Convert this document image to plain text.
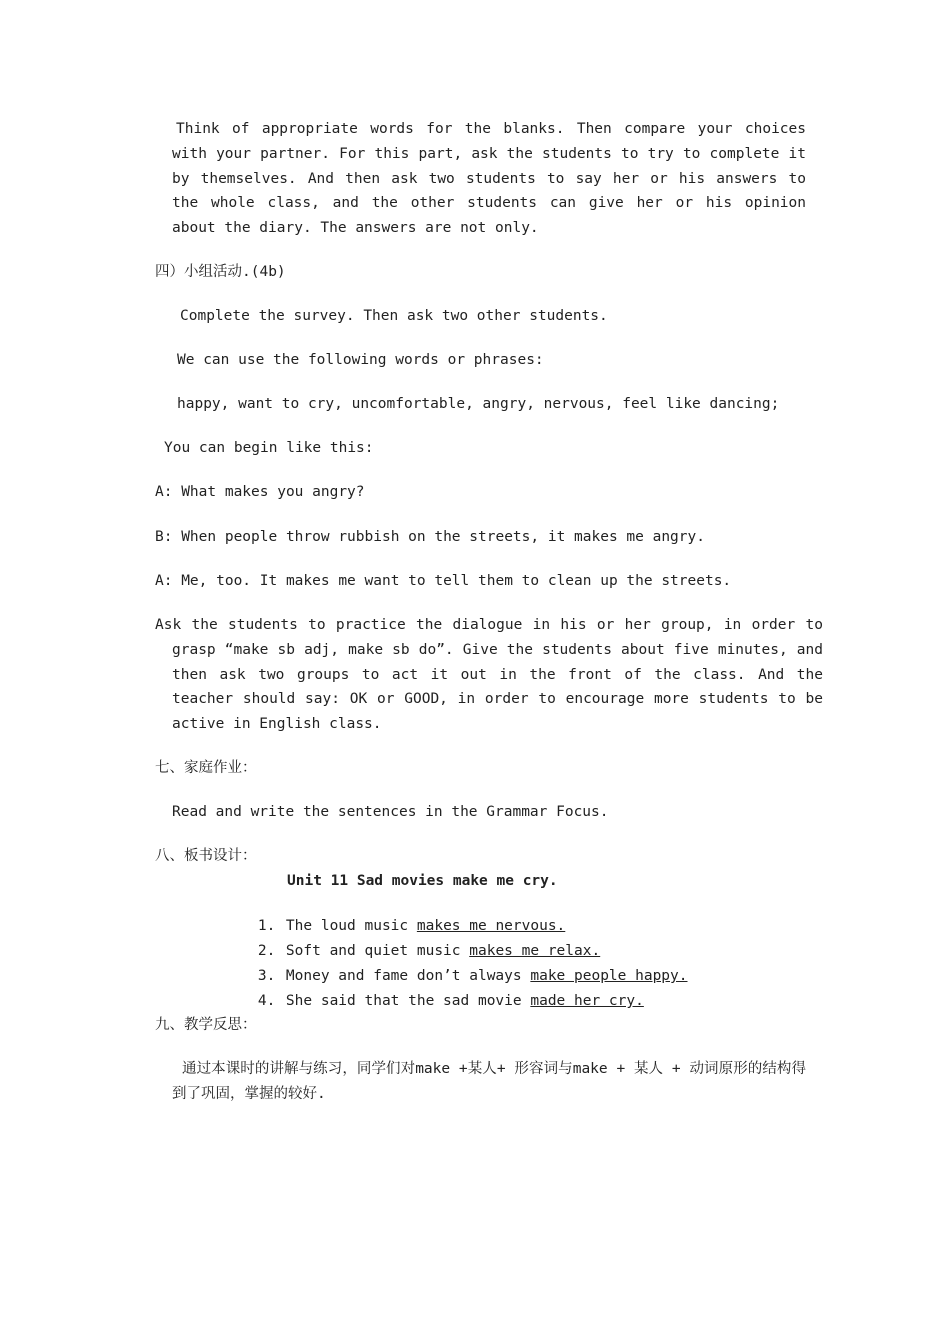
Think of appropriate words for the blanks. Then compare your choices with your partner. For this part, ask the students to try to complete it by themselves. And then ask two students to say her or his answers to the whole class, and the other students can give her or his opinion about the diary. The answers are not only.
四）小组活动.(4b)
Complete the survey. Then ask two other students.
We can use the following words or phrases:
happy, want to cry, uncomfortable, angry, nervous, feel like dancing;
You can begin like this:
A: What makes you angry?
B: When people throw rubbish on the streets, it makes me angry.
A: Me, too. It makes me want to tell them to clean up the streets.
Ask the students to practice the dialogue in his or her group, in order to grasp “make sb adj, make sb do”. Give the students about five minutes, and then ask two groups to act it out in the front of the class. And the teacher should say: OK or GOOD, in order to encourage more students to be active in English class.
七、家庭作业：
Read and write the sentences in the Grammar Focus.
八、板书设计：
Unit 11 Sad movies make me cry.

1. The loud music makes me nervous.

2. Soft and quiet music makes me relax.

3. Money and fame don’t always make people happy.

4. She said that the sad movie made her cry.

九、教学反思：
通过本课时的讲解与练习，同学们对make +某人+ 形容词与make + 某人 + 动词原形的结构得到了巩固，掌握的较好.
